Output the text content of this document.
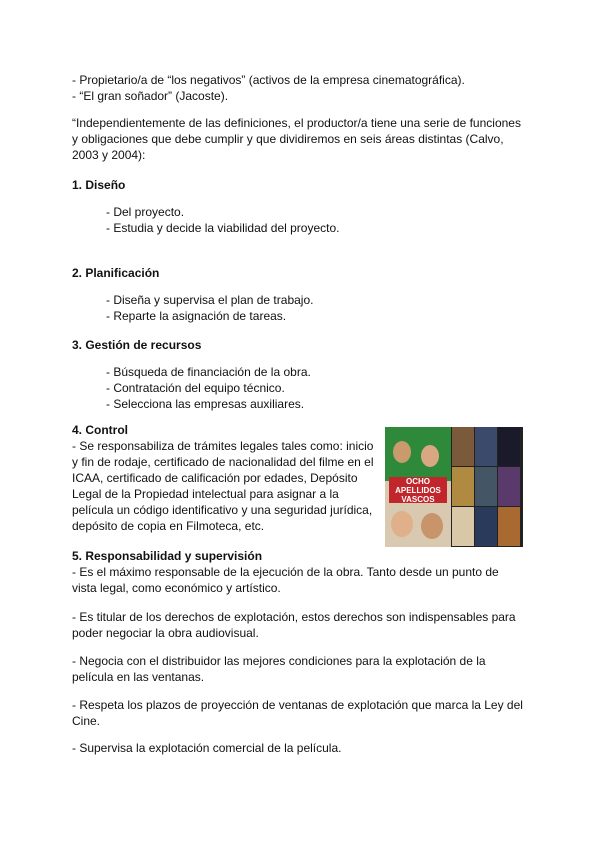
- Propietario/a de “los negativos” (activos de la empresa cinematográfica).
- “El gran soñador” (Jacoste).
“Independientemente de las definiciones, el productor/a tiene una serie de funciones y obligaciones que debe cumplir y que dividiremos en seis áreas distintas (Calvo, 2003 y 2004):
1. Diseño
- Del proyecto.
- Estudia y decide la viabilidad del proyecto.
2. Planificación
- Diseña y supervisa el plan de trabajo.
- Reparte la asignación de tareas.
3. Gestión de recursos
- Búsqueda de financiación de la obra.
- Contratación del equipo técnico.
- Selecciona las empresas auxiliares.
4. Control
- Se responsabiliza de trámites legales tales como: inicio y fin de rodaje, certificado de nacionalidad del filme en el ICAA, certificado de calificación por edades, Depósito Legal de la Propiedad intelectual para asignar a la película un código identificativo y una seguridad jurídica, depósito de copia en Filmoteca, etc.
OCHO APELLIDOS VASCOS
5. Responsabilidad y supervisión
- Es el máximo responsable de la ejecución de la obra. Tanto desde un punto de vista legal, como económico y artístico.
- Es titular de los derechos de explotación, estos derechos son indispensables para poder negociar la obra audiovisual.
- Negocia con el distribuidor las mejores condiciones para la explotación de la película en las ventanas.
- Respeta los plazos de proyección de ventanas de explotación que marca la Ley del Cine.
- Supervisa la explotación comercial de la película.
